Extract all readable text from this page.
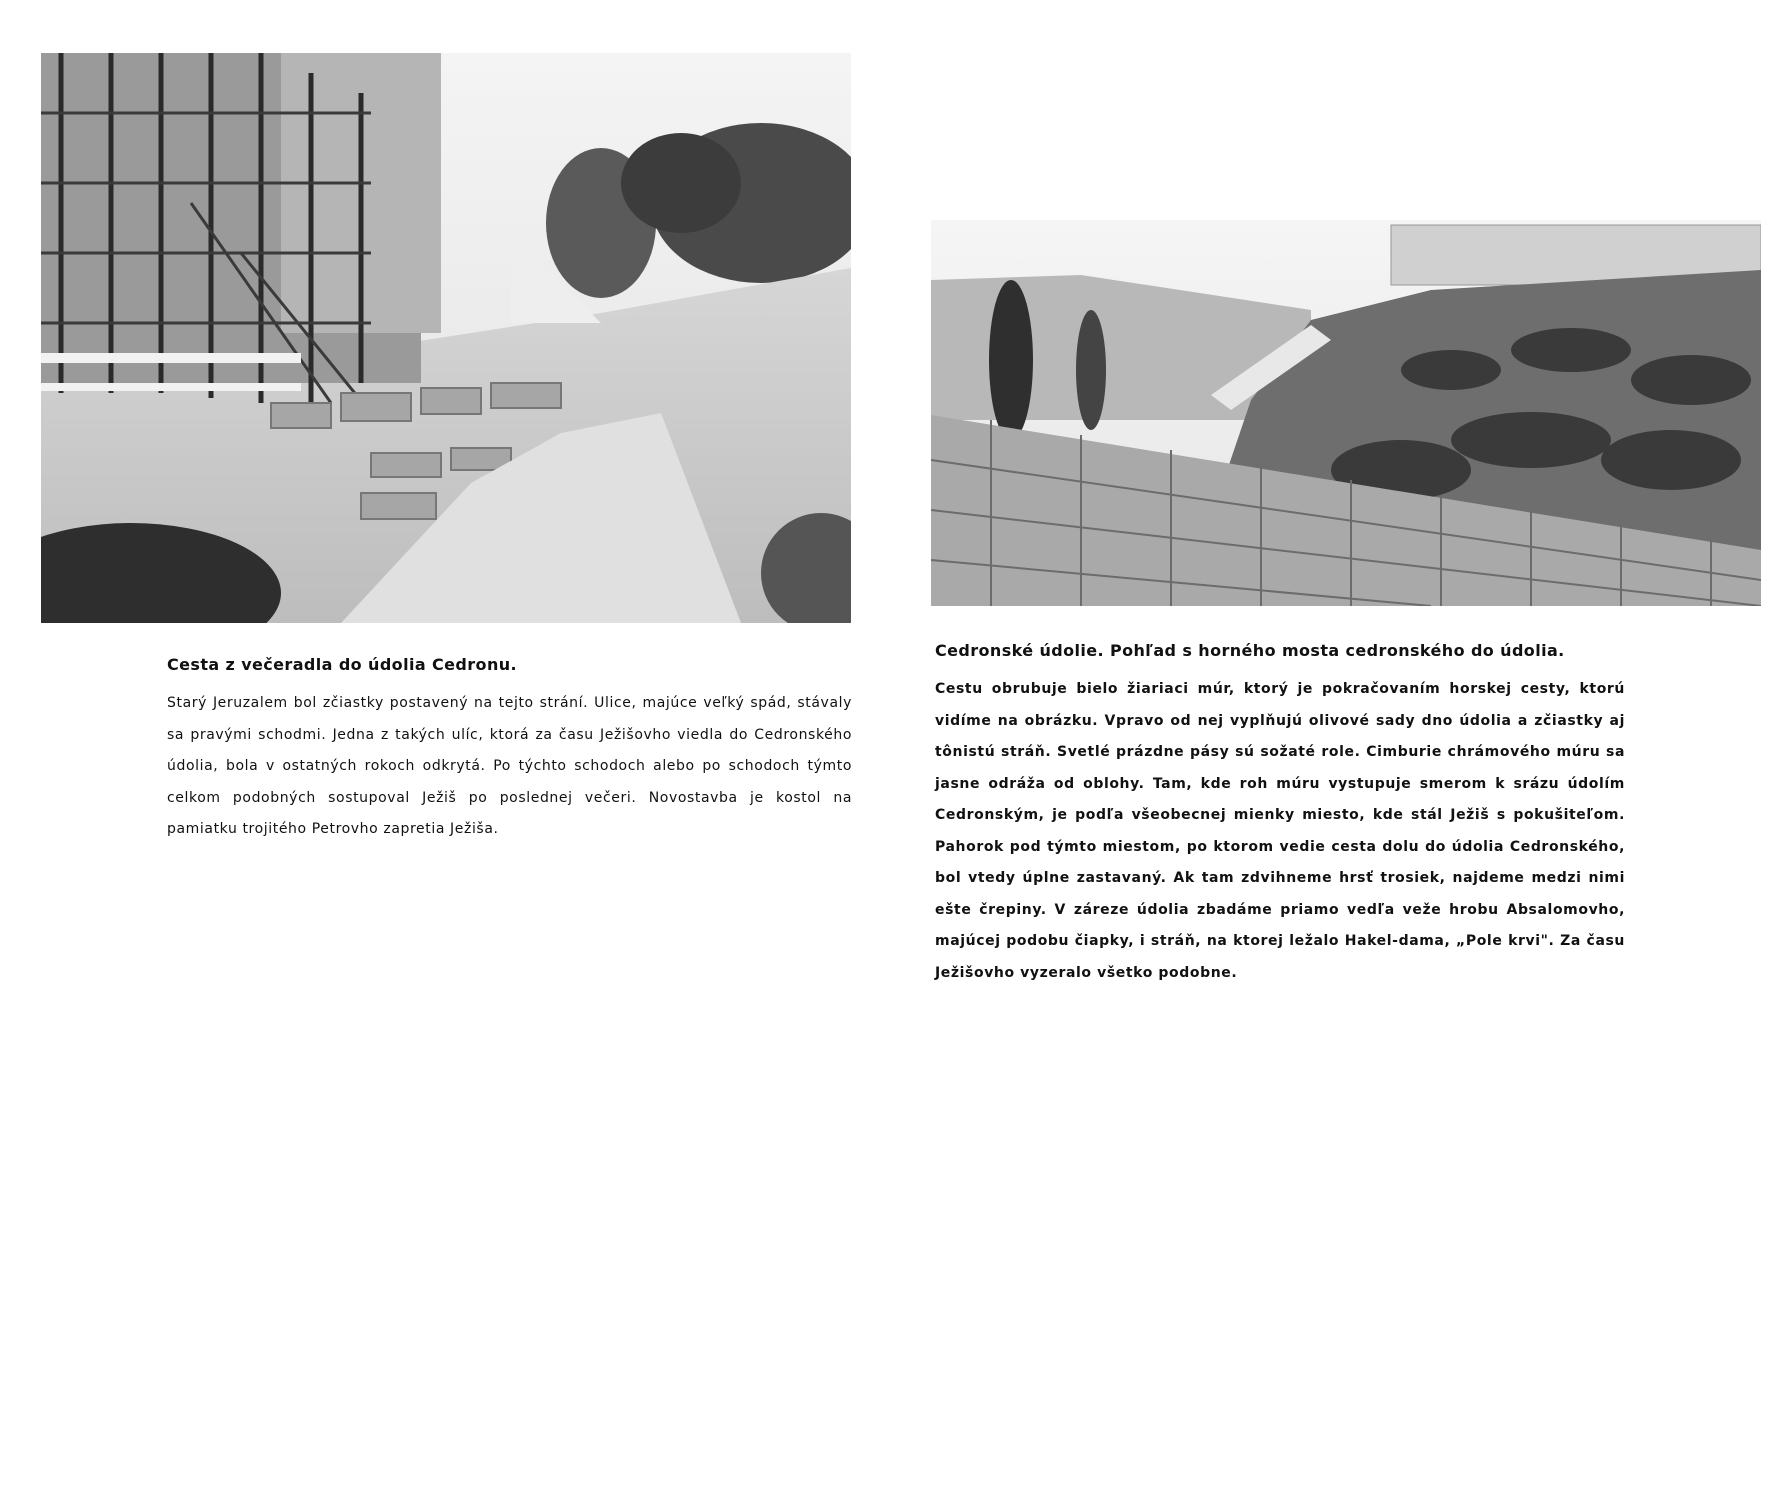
Cesta z večeradla do údolia Cedronu.

Starý Jeruzalem bol zčiastky postavený na tejto strání. Ulice, majúce veľký spád, stávaly sa pravými schodmi. Jedna z takých ulíc, ktorá za času Ježišovho viedla do Cedronského údolia, bola v ostatných rokoch odkrytá. Po týchto schodoch alebo po schodoch týmto celkom podobných sostupoval Ježiš po poslednej večeri. Novostavba je kostol na pamiatku trojitého Petrovho zapretia Ježiša.

Cedronské údolie. Pohľad s horného mosta cedronského do údolia.

Cestu obrubuje bielo žiariaci múr, ktorý je pokračovaním horskej cesty, ktorú vidíme na obrázku. Vpravo od nej vyplňujú olivové sady dno údolia a zčiastky aj tônistú stráň. Svetlé prázdne pásy sú sožaté role. Cimburie chrámového múru sa jasne odráža od oblohy. Tam, kde roh múru vystupuje smerom k srázu údolím Cedronským, je podľa všeobecnej mienky miesto, kde stál Ježiš s pokušiteľom. Pahorok pod týmto miestom, po ktorom vedie cesta dolu do údolia Cedronského, bol vtedy úplne zastavaný. Ak tam zdvihneme hrsť trosiek, najdeme medzi nimi ešte črepiny. V záreze údolia zbadáme priamo vedľa veže hrobu Absalomovho, majúcej podobu čiapky, i stráň, na ktorej ležalo Hakel-dama, „Pole krvi". Za času Ježišovho vyzeralo všetko podobne.
